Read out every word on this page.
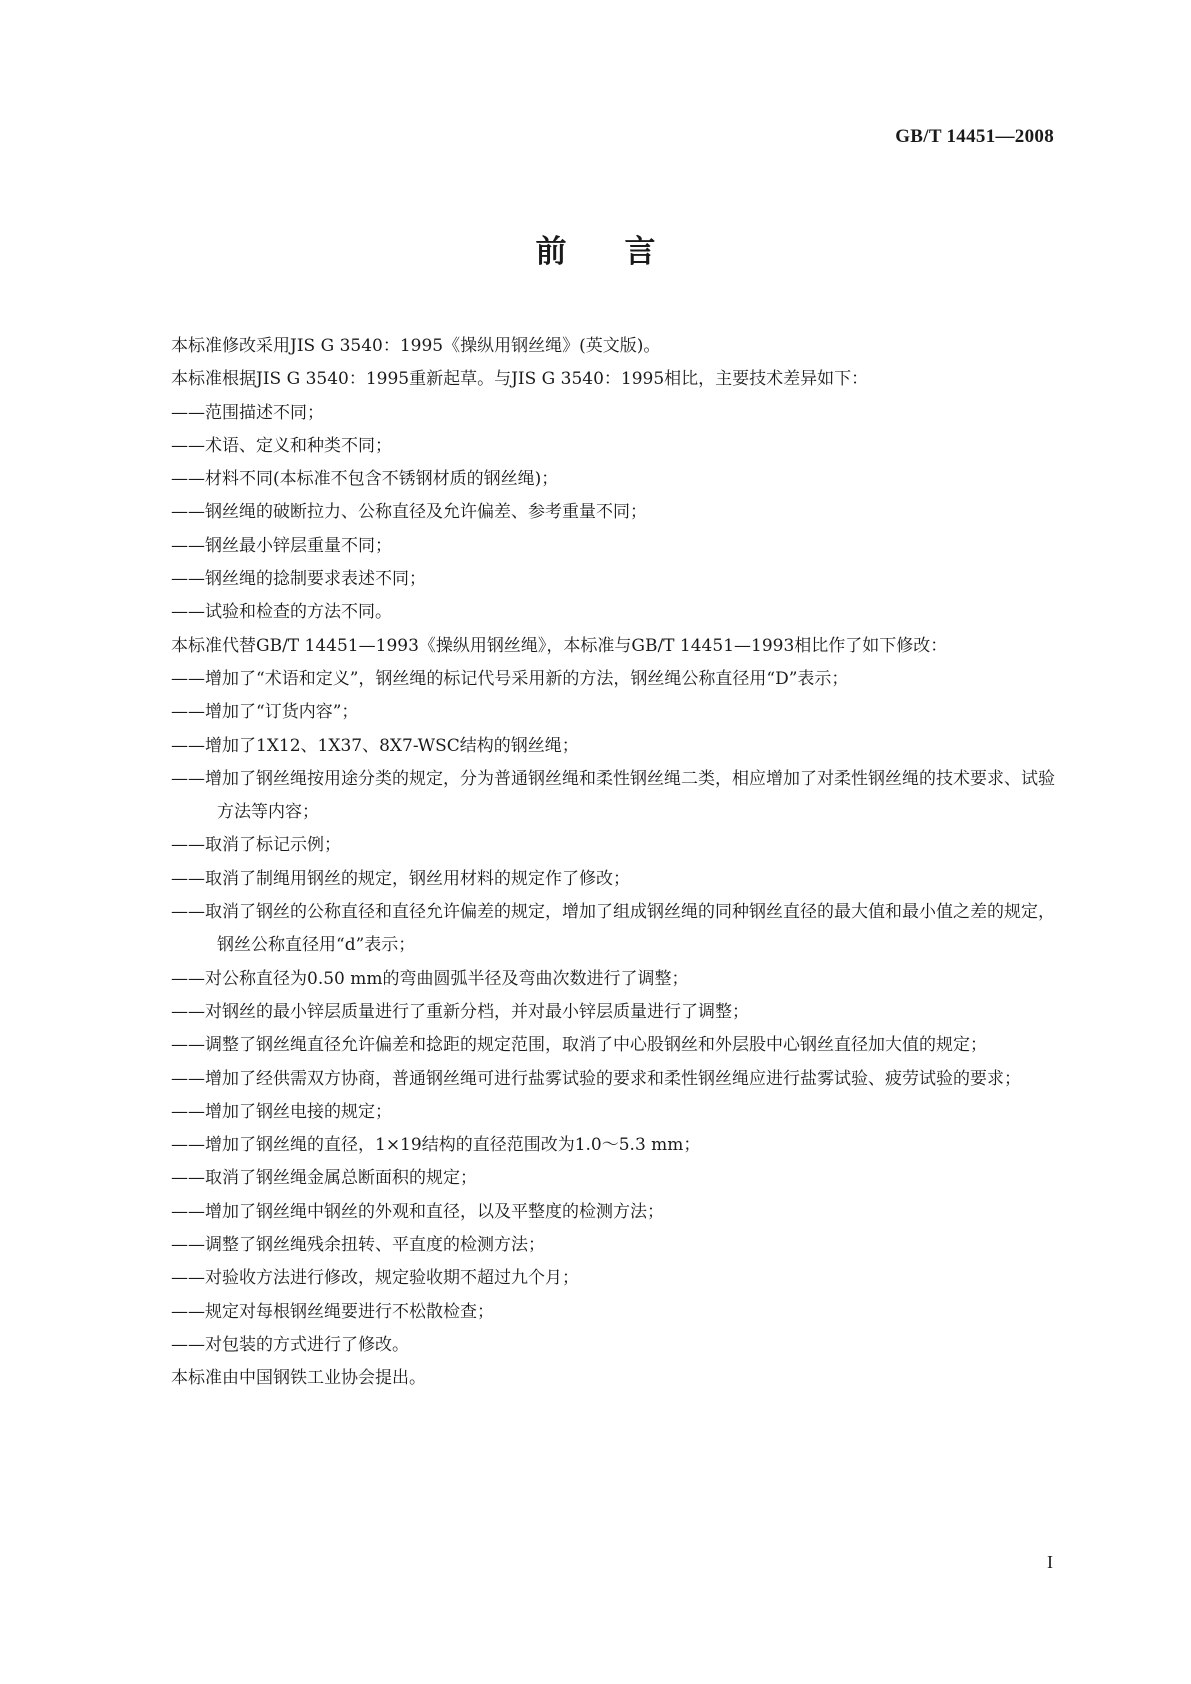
GB/T 14451—2008
前言

本标准修改采用JIS G 3540：1995《操纵用钢丝绳》(英文版)。

本标准根据JIS G 3540：1995重新起草。与JIS G 3540：1995相比，主要技术差异如下：

——范围描述不同；
——术语、定义和种类不同；
——材料不同(本标准不包含不锈钢材质的钢丝绳)；
——钢丝绳的破断拉力、公称直径及允许偏差、参考重量不同；
——钢丝最小锌层重量不同；
——钢丝绳的捻制要求表述不同；
——试验和检查的方法不同。

本标准代替GB/T 14451—1993《操纵用钢丝绳》，本标准与GB/T 14451—1993相比作了如下修改：

——增加了“术语和定义”，钢丝绳的标记代号采用新的方法，钢丝绳公称直径用“D”表示；
——增加了“订货内容”；
——增加了1X12、1X37、8X7-WSC结构的钢丝绳；
——增加了钢丝绳按用途分类的规定，分为普通钢丝绳和柔性钢丝绳二类，相应增加了对柔性钢丝绳的技术要求、试验方法等内容；
——取消了标记示例；
——取消了制绳用钢丝的规定，钢丝用材料的规定作了修改；
——取消了钢丝的公称直径和直径允许偏差的规定，增加了组成钢丝绳的同种钢丝直径的最大值和最小值之差的规定，钢丝公称直径用“d”表示；
——对公称直径为0.50 mm的弯曲圆弧半径及弯曲次数进行了调整；
——对钢丝的最小锌层质量进行了重新分档，并对最小锌层质量进行了调整；
——调整了钢丝绳直径允许偏差和捻距的规定范围，取消了中心股钢丝和外层股中心钢丝直径加大值的规定；
——增加了经供需双方协商，普通钢丝绳可进行盐雾试验的要求和柔性钢丝绳应进行盐雾试验、疲劳试验的要求；
——增加了钢丝电接的规定；
——增加了钢丝绳的直径，1×19结构的直径范围改为1.0～5.3 mm；
——取消了钢丝绳金属总断面积的规定；
——增加了钢丝绳中钢丝的外观和直径，以及平整度的检测方法；
——调整了钢丝绳残余扭转、平直度的检测方法；
——对验收方法进行修改，规定验收期不超过九个月；
——规定对每根钢丝绳要进行不松散检查；
——对包装的方式进行了修改。

本标准由中国钢铁工业协会提出。

I
